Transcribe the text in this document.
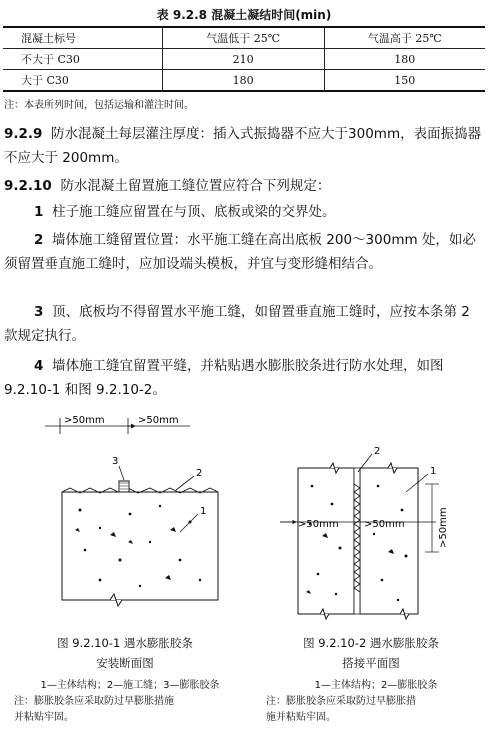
表 9.2.8 混凝土凝结时间(min)
混凝土标号	气温低于 25℃	气温高于 25℃
不大于 C30	210	180
大于 C30	180	150
注：本表所列时间，包括运输和灌注时间。
9.2.9 防水混凝土每层灌注厚度：插入式振捣器不应大于300mm，表面振捣器不应大于 200mm。
9.2.10 防水混凝土留置施工缝位置应符合下列规定：
1 柱子施工缝应留置在与顶、底板或梁的交界处。
2 墙体施工缝留置位置：水平施工缝在高出底板 200～300mm 处，如必须留置垂直施工缝时，应加设端头模板，并宜与变形缝相结合。
3 顶、底板均不得留置水平施工缝，如留置垂直施工缝时，应按本条第 2 款规定执行。
4 墙体施工缝宜留置平缝，并粘贴遇水膨胀胶条进行防水处理，如图 9.2.10-1 和图 9.2.10-2。
>50mm	>50mm
3
2
1
>50mm	>50mm	>50mm
2
1
图 9.2.10-1 遇水膨胀胶条
安装断面图
1—主体结构；2—施工缝；3—膨胀胶条
注：膨胀胶条应采取防过早膨胀措施
并粘贴牢固。
图 9.2.10-2 遇水膨胀胶条
搭接平面图
1—主体结构；2—膨胀胶条
注：膨胀胶条应采取防过早膨胀措
施并粘贴牢固。
